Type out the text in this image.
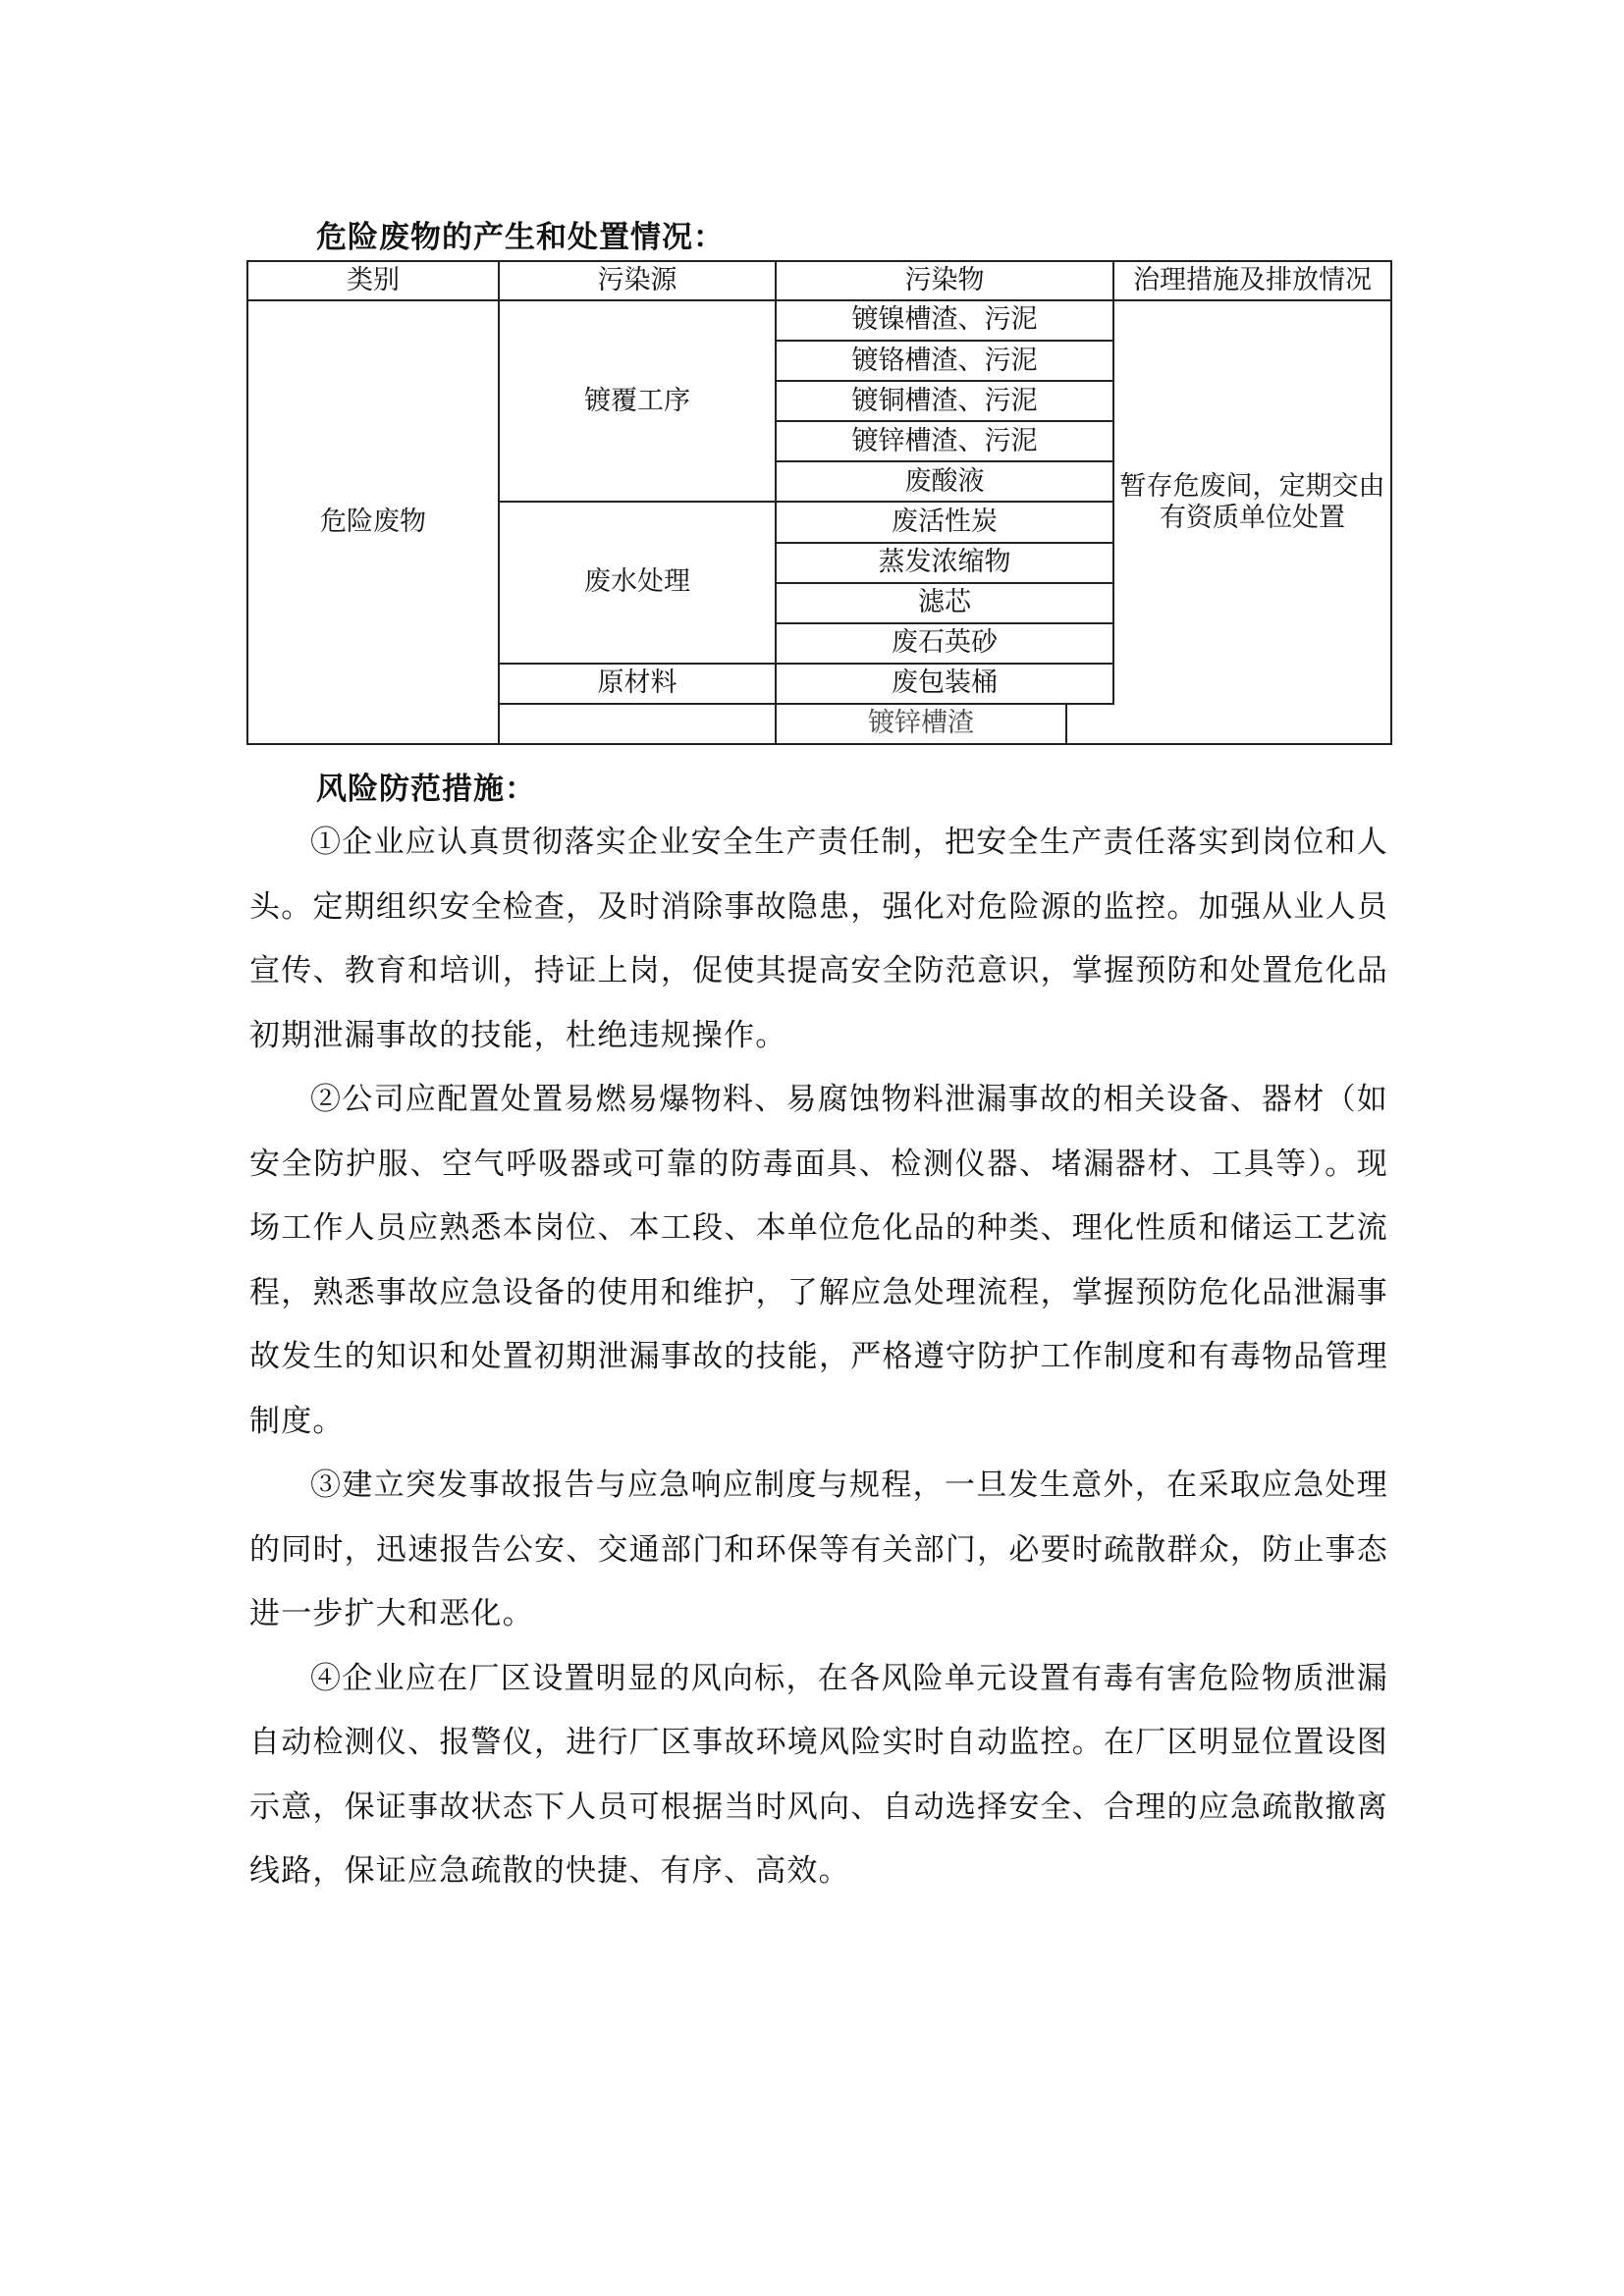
危险废物的产生和处置情况：
类别	污染源	污染物		治理措施及排放情况
危险废物	镀覆工序	镀镍槽渣、污泥		暂存危废间，定期交由有资质单位处置
		镀铬槽渣、污泥		
		镀铜槽渣、污泥		
		镀锌槽渣、污泥		
		废酸液		
	废水处理	废活性炭		
		蒸发浓缩物		
		滤芯		
		废石英砂		
	原材料	废包装桶		
		镀锌槽渣		
风险防范措施：

①企业应认真贯彻落实企业安全生产责任制，把安全生产责任落实到岗位和人头。定期组织安全检查，及时消除事故隐患，强化对危险源的监控。加强从业人员宣传、教育和培训，持证上岗，促使其提高安全防范意识，掌握预防和处置危化品初期泄漏事故的技能，杜绝违规操作。

②公司应配置处置易燃易爆物料、易腐蚀物料泄漏事故的相关设备、器材（如安全防护服、空气呼吸器或可靠的防毒面具、检测仪器、堵漏器材、工具等）。现场工作人员应熟悉本岗位、本工段、本单位危化品的种类、理化性质和储运工艺流程，熟悉事故应急设备的使用和维护，了解应急处理流程，掌握预防危化品泄漏事故发生的知识和处置初期泄漏事故的技能，严格遵守防护工作制度和有毒物品管理制度。

③建立突发事故报告与应急响应制度与规程，一旦发生意外，在采取应急处理的同时，迅速报告公安、交通部门和环保等有关部门，必要时疏散群众，防止事态进一步扩大和恶化。

④企业应在厂区设置明显的风向标，在各风险单元设置有毒有害危险物质泄漏自动检测仪、报警仪，进行厂区事故环境风险实时自动监控。在厂区明显位置设图示意，保证事故状态下人员可根据当时风向、自动选择安全、合理的应急疏散撤离线路，保证应急疏散的快捷、有序、高效。
